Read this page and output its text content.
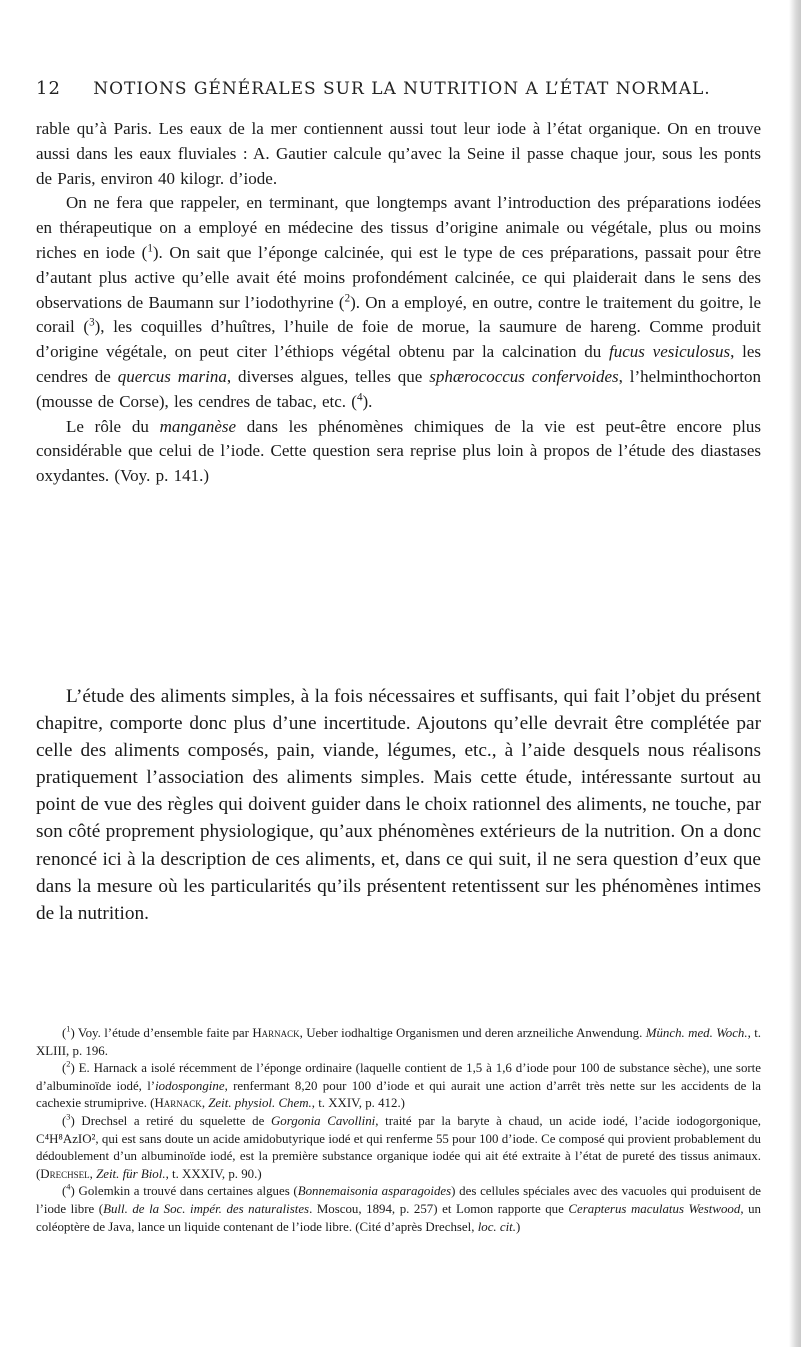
12	NOTIONS GÉNÉRALES SUR LA NUTRITION A L’ÉTAT NORMAL.

rable qu’à Paris. Les eaux de la mer contiennent aussi tout leur iode à l’état organique. On en trouve aussi dans les eaux fluviales : A. Gautier calcule qu’avec la Seine il passe chaque jour, sous les ponts de Paris, environ 40 kilogr. d’iode.

On ne fera que rappeler, en terminant, que longtemps avant l’introduction des préparations iodées en thérapeutique on a employé en médecine des tissus d’origine animale ou végétale, plus ou moins riches en iode ($^1$). On sait que l’éponge calcinée, qui est le type de ces préparations, passait pour être d’autant plus active qu’elle avait été moins profondément calcinée, ce qui plaiderait dans le sens des observations de Baumann sur l’iodothyrine ($^2$). On a employé, en outre, contre le traitement du goitre, le corail ($^3$), les coquilles d’huîtres, l’huile de foie de morue, la saumure de hareng. Comme produit d’origine végétale, on peut citer l’éthiops végétal obtenu par la calcination du fucus vesiculosus, les cendres de quercus marina, diverses algues, telles que sphærococcus confervoides, l’helminthochorton (mousse de Corse), les cendres de tabac, etc. ($^4$).

Le rôle du manganèse dans les phénomènes chimiques de la vie est peut-être encore plus considérable que celui de l’iode. Cette question sera reprise plus loin à propos de l’étude des diastases oxydantes. (Voy. p. 141.)

L’étude des aliments simples, à la fois nécessaires et suffisants, qui fait l’objet du présent chapitre, comporte donc plus d’une incertitude. Ajoutons qu’elle devrait être complétée par celle des aliments composés, pain, viande, légumes, etc., à l’aide desquels nous réalisons pratiquement l’association des aliments simples. Mais cette étude, intéressante surtout au point de vue des règles qui doivent guider dans le choix rationnel des aliments, ne touche, par son côté proprement physiologique, qu’aux phénomènes extérieurs de la nutrition. On a donc renoncé ici à la description de ces aliments, et, dans ce qui suit, il ne sera question d’eux que dans la mesure où les particularités qu’ils présentent retentissent sur les phénomènes intimes de la nutrition.

($^1$) Voy. l’étude d’ensemble faite par Harnack, Ueber iodhaltige Organismen und deren arzneiliche Anwendung. Münch. med. Woch., t. XLIII, p. 196.

($^2$) E. Harnack a isolé récemment de l’éponge ordinaire (laquelle contient de 1,5 à 1,6 d’iode pour 100 de substance sèche), une sorte d’albuminoïde iodé, l’iodospongine, renfermant 8,20 pour 100 d’iode et qui aurait une action d’arrêt très nette sur les accidents de la cachexie strumiprive. (Harnack, Zeit. physiol. Chem., t. XXIV, p. 412.)

($^3$) Drechsel a retiré du squelette de Gorgonia Cavollini, traité par la baryte à chaud, un acide iodé, l’acide iodogorgonique, C⁴H⁸AzIO², qui est sans doute un acide amidobutyrique iodé et qui renferme 55 pour 100 d’iode. Ce composé qui provient probablement du dédoublement d’un albuminoïde iodé, est la première substance organique iodée qui ait été extraite à l’état de pureté des tissus animaux. (Drechsel, Zeit. für Biol., t. XXXIV, p. 90.)

($^4$) Golemkin a trouvé dans certaines algues (Bonnemaisonia asparagoides) des cellules spéciales avec des vacuoles qui produisent de l’iode libre (Bull. de la Soc. impér. des naturalistes. Moscou, 1894, p. 257) et Lomon rapporte que Cerapterus maculatus Westwood, un coléoptère de Java, lance un liquide contenant de l’iode libre. (Cité d’après Drechsel, loc. cit.)
